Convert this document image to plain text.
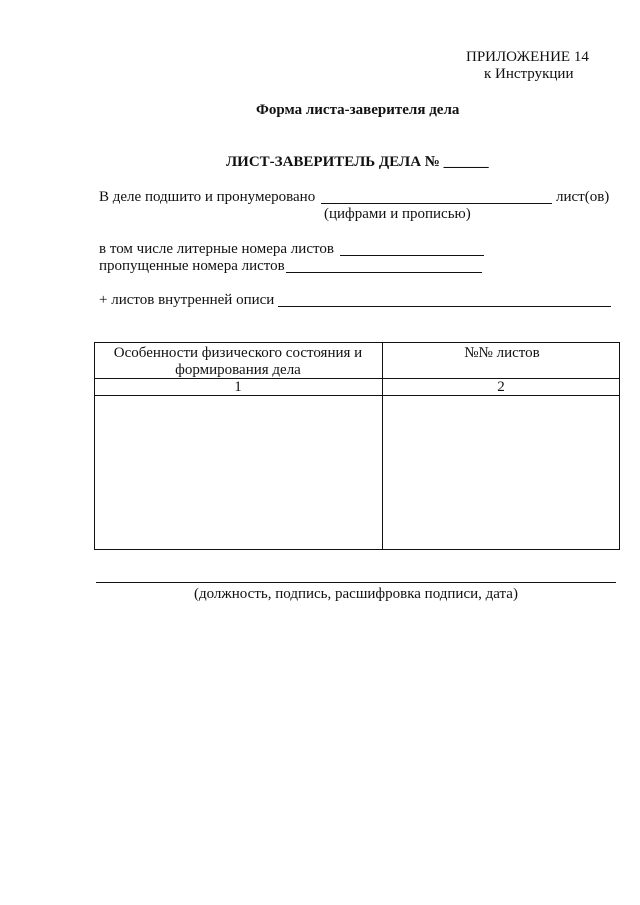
ПРИЛОЖЕНИЕ 14
к Инструкции
Форма листа-заверителя дела
ЛИСТ-ЗАВЕРИТЕЛЬ ДЕЛА № ______
В деле подшито и пронумеровано	лист(ов)
(цифрами и прописью)
в том числе литерные номера листов
пропущенные номера листов
+ листов внутренней описи
Особенности физического состояния и формирования дела
№№ листов
1	2
(должность, подпись, расшифровка подписи, дата)
